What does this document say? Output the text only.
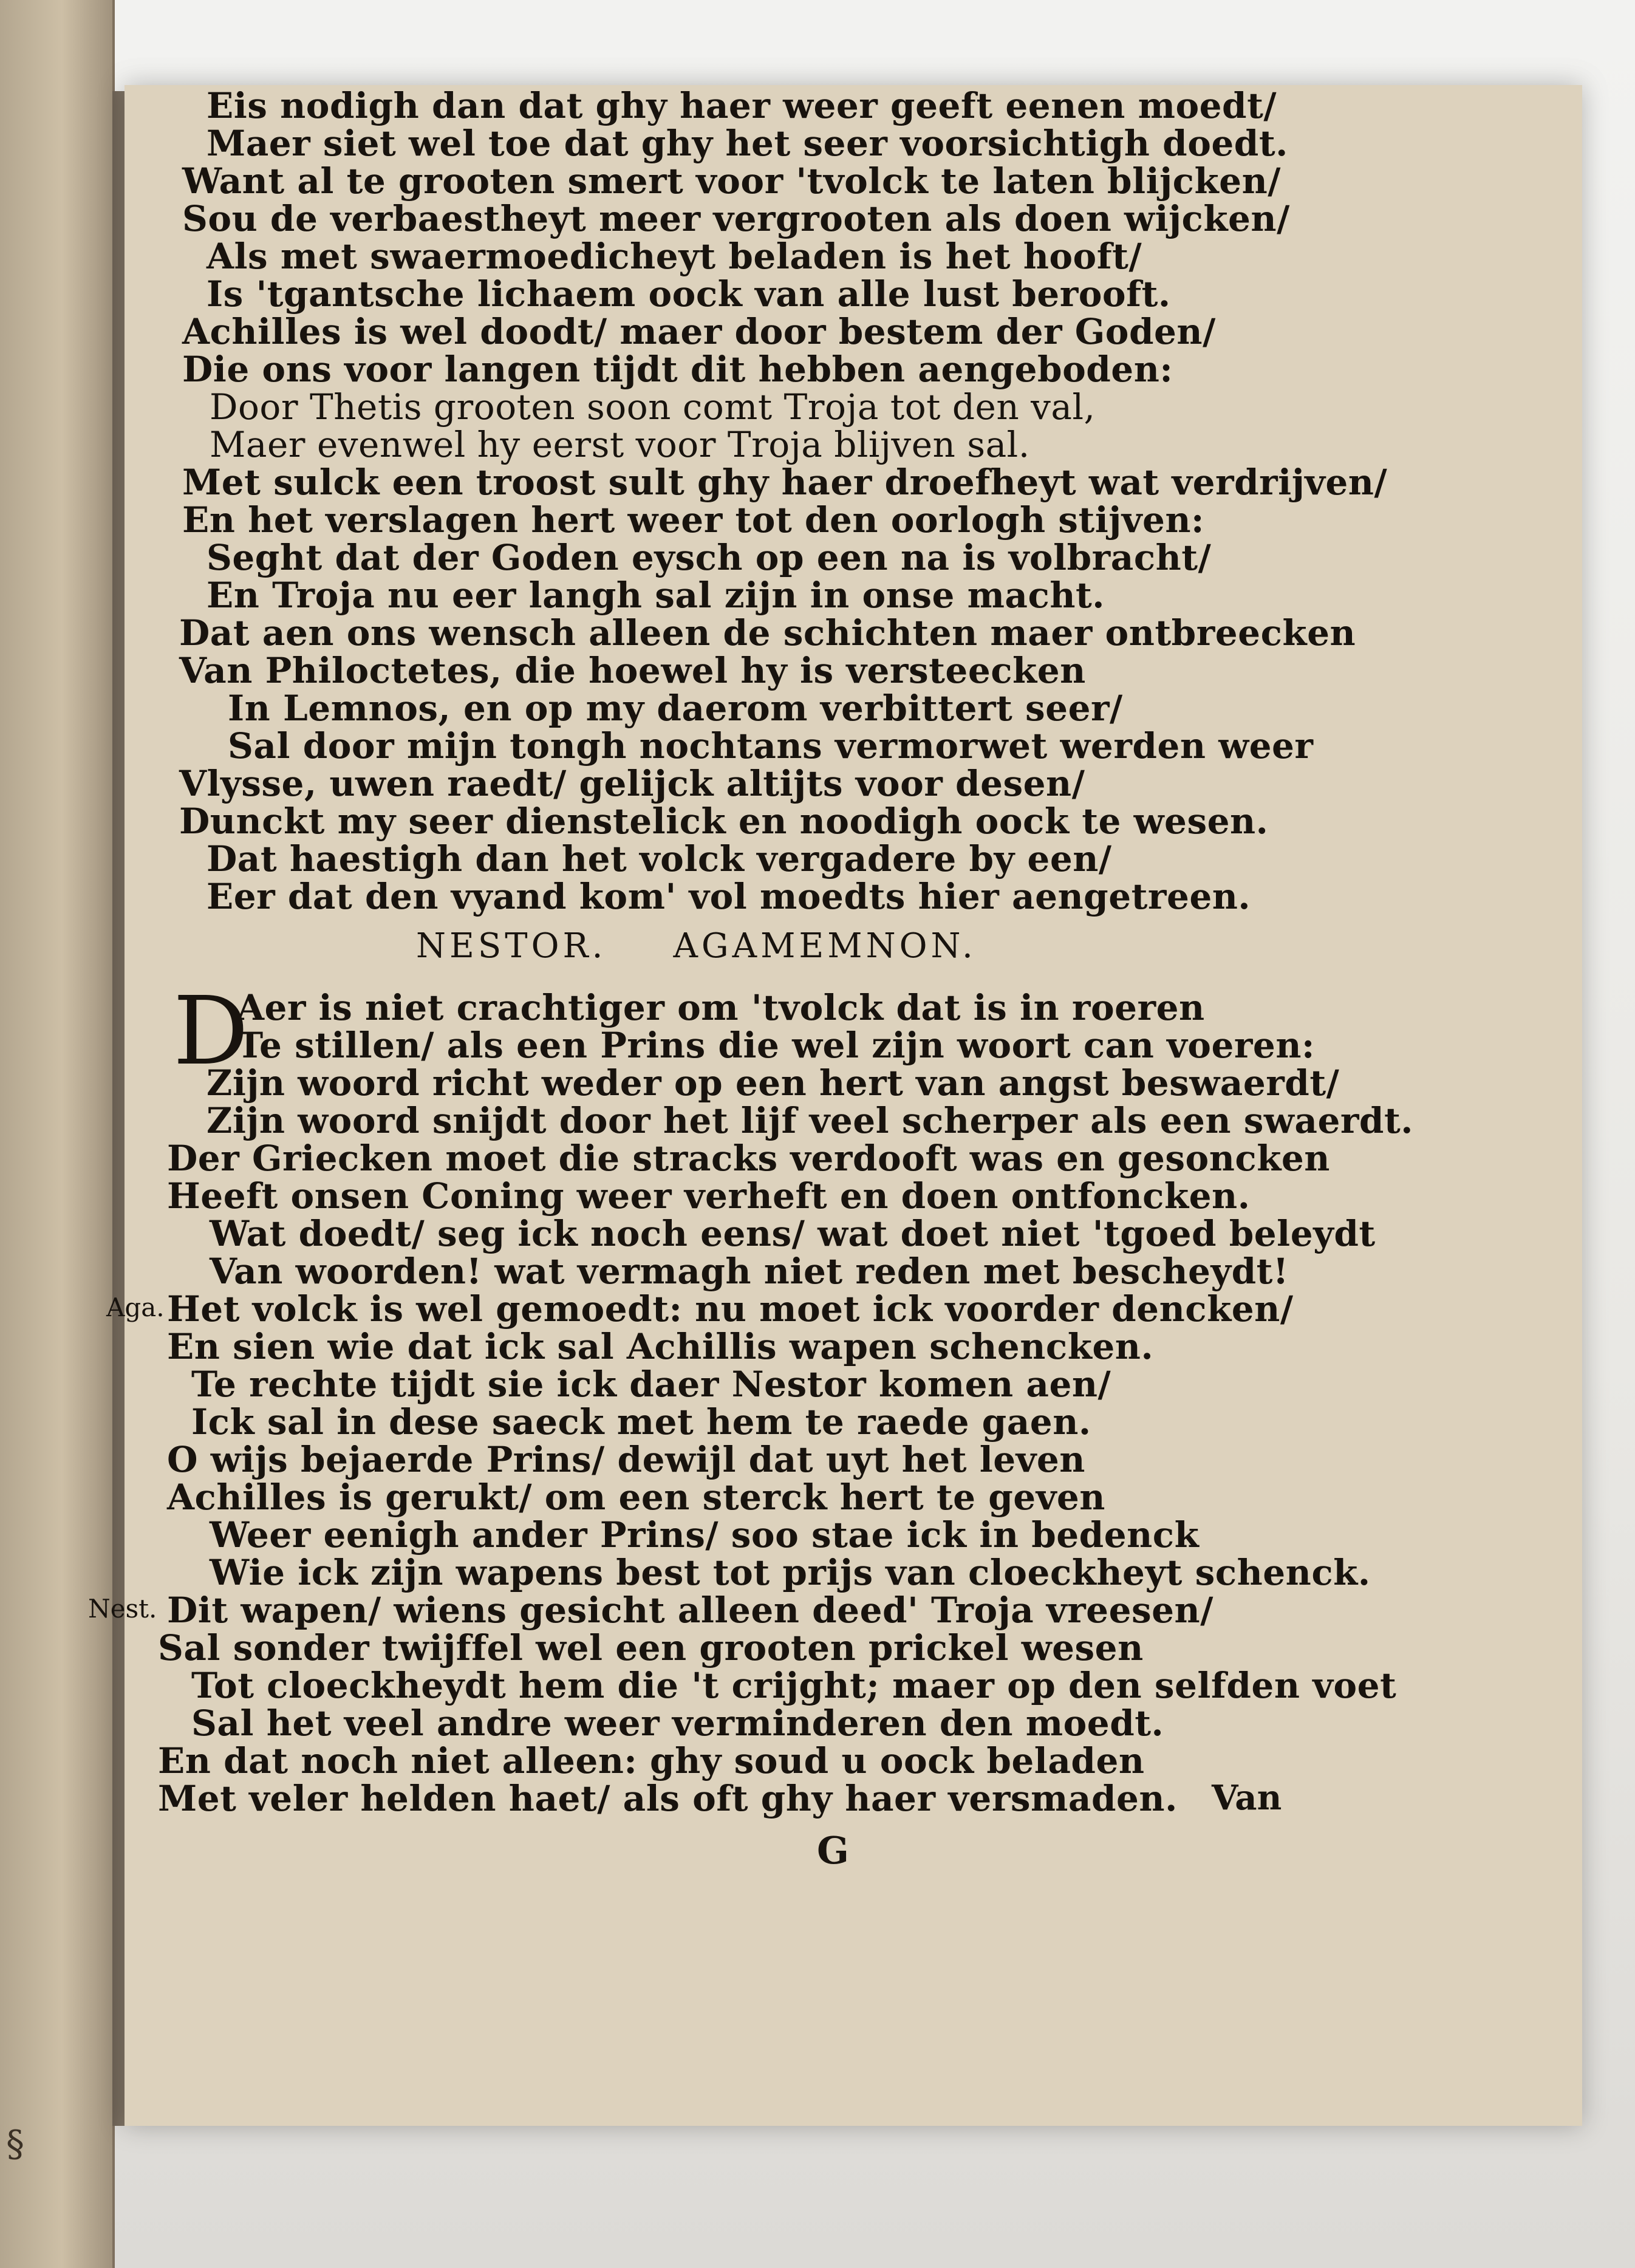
§
Eis nodigh dan dat ghy haer weer geeft eenen moedt/
Maer siet wel toe dat ghy het seer voorsichtigh doedt.
Want al te grooten smert voor 'tvolck te laten blijcken/
Sou de verbaestheyt meer vergrooten als doen wijcken/
Als met swaermoedicheyt beladen is het hooft/
Is 'tgantsche lichaem oock van alle lust berooft.
Achilles is wel doodt/ maer door bestem der Goden/
Die ons voor langen tijdt dit hebben aengeboden:
Door Thetis grooten soon comt Troja tot den val,
Maer evenwel hy eerst voor Troja blijven sal.
Met sulck een troost sult ghy haer droefheyt wat verdrijven/
En het verslagen hert weer tot den oorlogh stijven:
Seght dat der Goden eysch op een na is volbracht/
En Troja nu eer langh sal zijn in onse macht.
Dat aen ons wensch alleen de schichten maer ontbreecken
Van Philoctetes, die hoewel hy is versteecken
In Lemnos, en op my daerom verbittert seer/
Sal door mijn tongh nochtans vermorwet werden weer
Vlysse, uwen raedt/ gelijck altijts voor desen/
Dunckt my seer dienstelick en noodigh oock te wesen.
Dat haestigh dan het volck vergadere by een/
Eer dat den vyand kom' vol moedts hier aengetreen.
NESTOR. AGAMEMNON.
D
Aer is niet crachtiger om 'tvolck dat is in roeren
Te stillen/ als een Prins die wel zijn woort can voeren:
Zijn woord richt weder op een hert van angst beswaerdt/
Zijn woord snijdt door het lijf veel scherper als een swaerdt.
Der Griecken moet die stracks verdooft was en gesoncken
Heeft onsen Coning weer verheft en doen ontfoncken.
Wat doedt/ seg ick noch eens/ wat doet niet 'tgoed beleydt
Van woorden! wat vermagh niet reden met bescheydt!
Aga. Het volck is wel gemoedt: nu moet ick voorder dencken/
En sien wie dat ick sal Achillis wapen schencken.
Te rechte tijdt sie ick daer Nestor komen aen/
Ick sal in dese saeck met hem te raede gaen.
O wijs bejaerde Prins/ dewijl dat uyt het leven
Achilles is gerukt/ om een sterck hert te geven
Weer eenigh ander Prins/ soo stae ick in bedenck
Wie ick zijn wapens best tot prijs van cloeckheyt schenck.
Nest. Dit wapen/ wiens gesicht alleen deed' Troja vreesen/
Sal sonder twijffel wel een grooten prickel wesen
Tot cloeckheydt hem die 't crijght; maer op den selfden voet
Sal het veel andre weer verminderen den moedt.
En dat noch niet alleen: ghy soud u oock beladen
Met veler helden haet/ als oft ghy haer versmaden. Van
G
